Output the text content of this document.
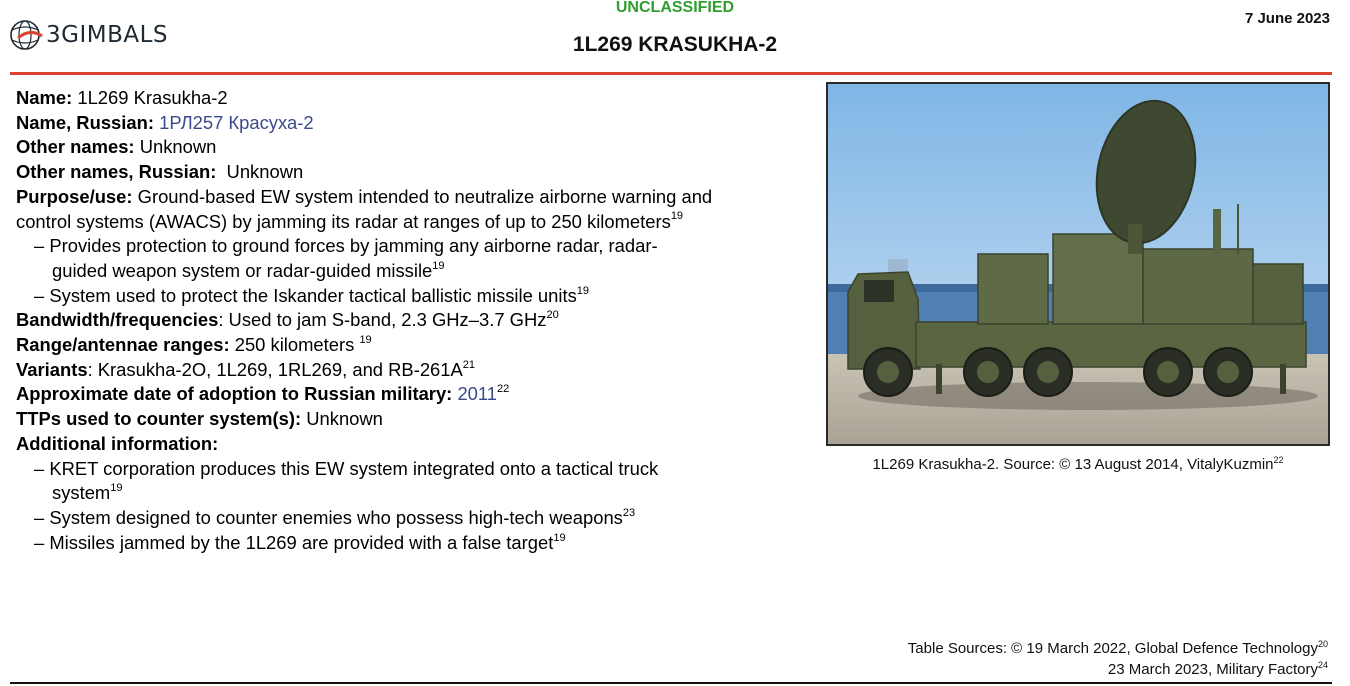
3GIMBALS
UNCLASSIFIED
1L269 KRASUKHA-2
7 June 2023
Name: 1L269 Krasukha-2
Name, Russian: 1РЛ257 Красуха-2
Other names: Unknown
Other names, Russian: Unknown
Purpose/use: Ground-based EW system intended to neutralize airborne warning and
control systems (AWACS) by jamming its radar at ranges of up to 250 kilometers$^{19}$
– Provides protection to ground forces by jamming any airborne radar, radar-
guided weapon system or radar-guided missile$^{19}$
– System used to protect the Iskander tactical ballistic missile units$^{19}$
Bandwidth/frequencies: Used to jam S-band, 2.3 GHz–3.7 GHz$^{20}$
Range/antennae ranges: 250 kilometers $^{19}$
Variants: Krasukha-2O, 1L269, 1RL269, and $RB-261A^{21}$
Approximate date of adoption to Russian military: 2011$^{22}$
TTPs used to counter system(s): Unknown
Additional information:
– KRET corporation produces this EW system integrated onto a tactical truck
system$^{19}$
– System designed to counter enemies who possess high-tech weapons$^{23}$
– Missiles jammed by the 1L269 are provided with a false target$^{19}$
1L269 Krasukha-2. Source: © 13 August 2014, VitalyKuzmin$^{22}$
Table Sources: © 19 March 2022, Global Defence Technology$^{20}$
23 March 2023, Military Factory$^{24}$
